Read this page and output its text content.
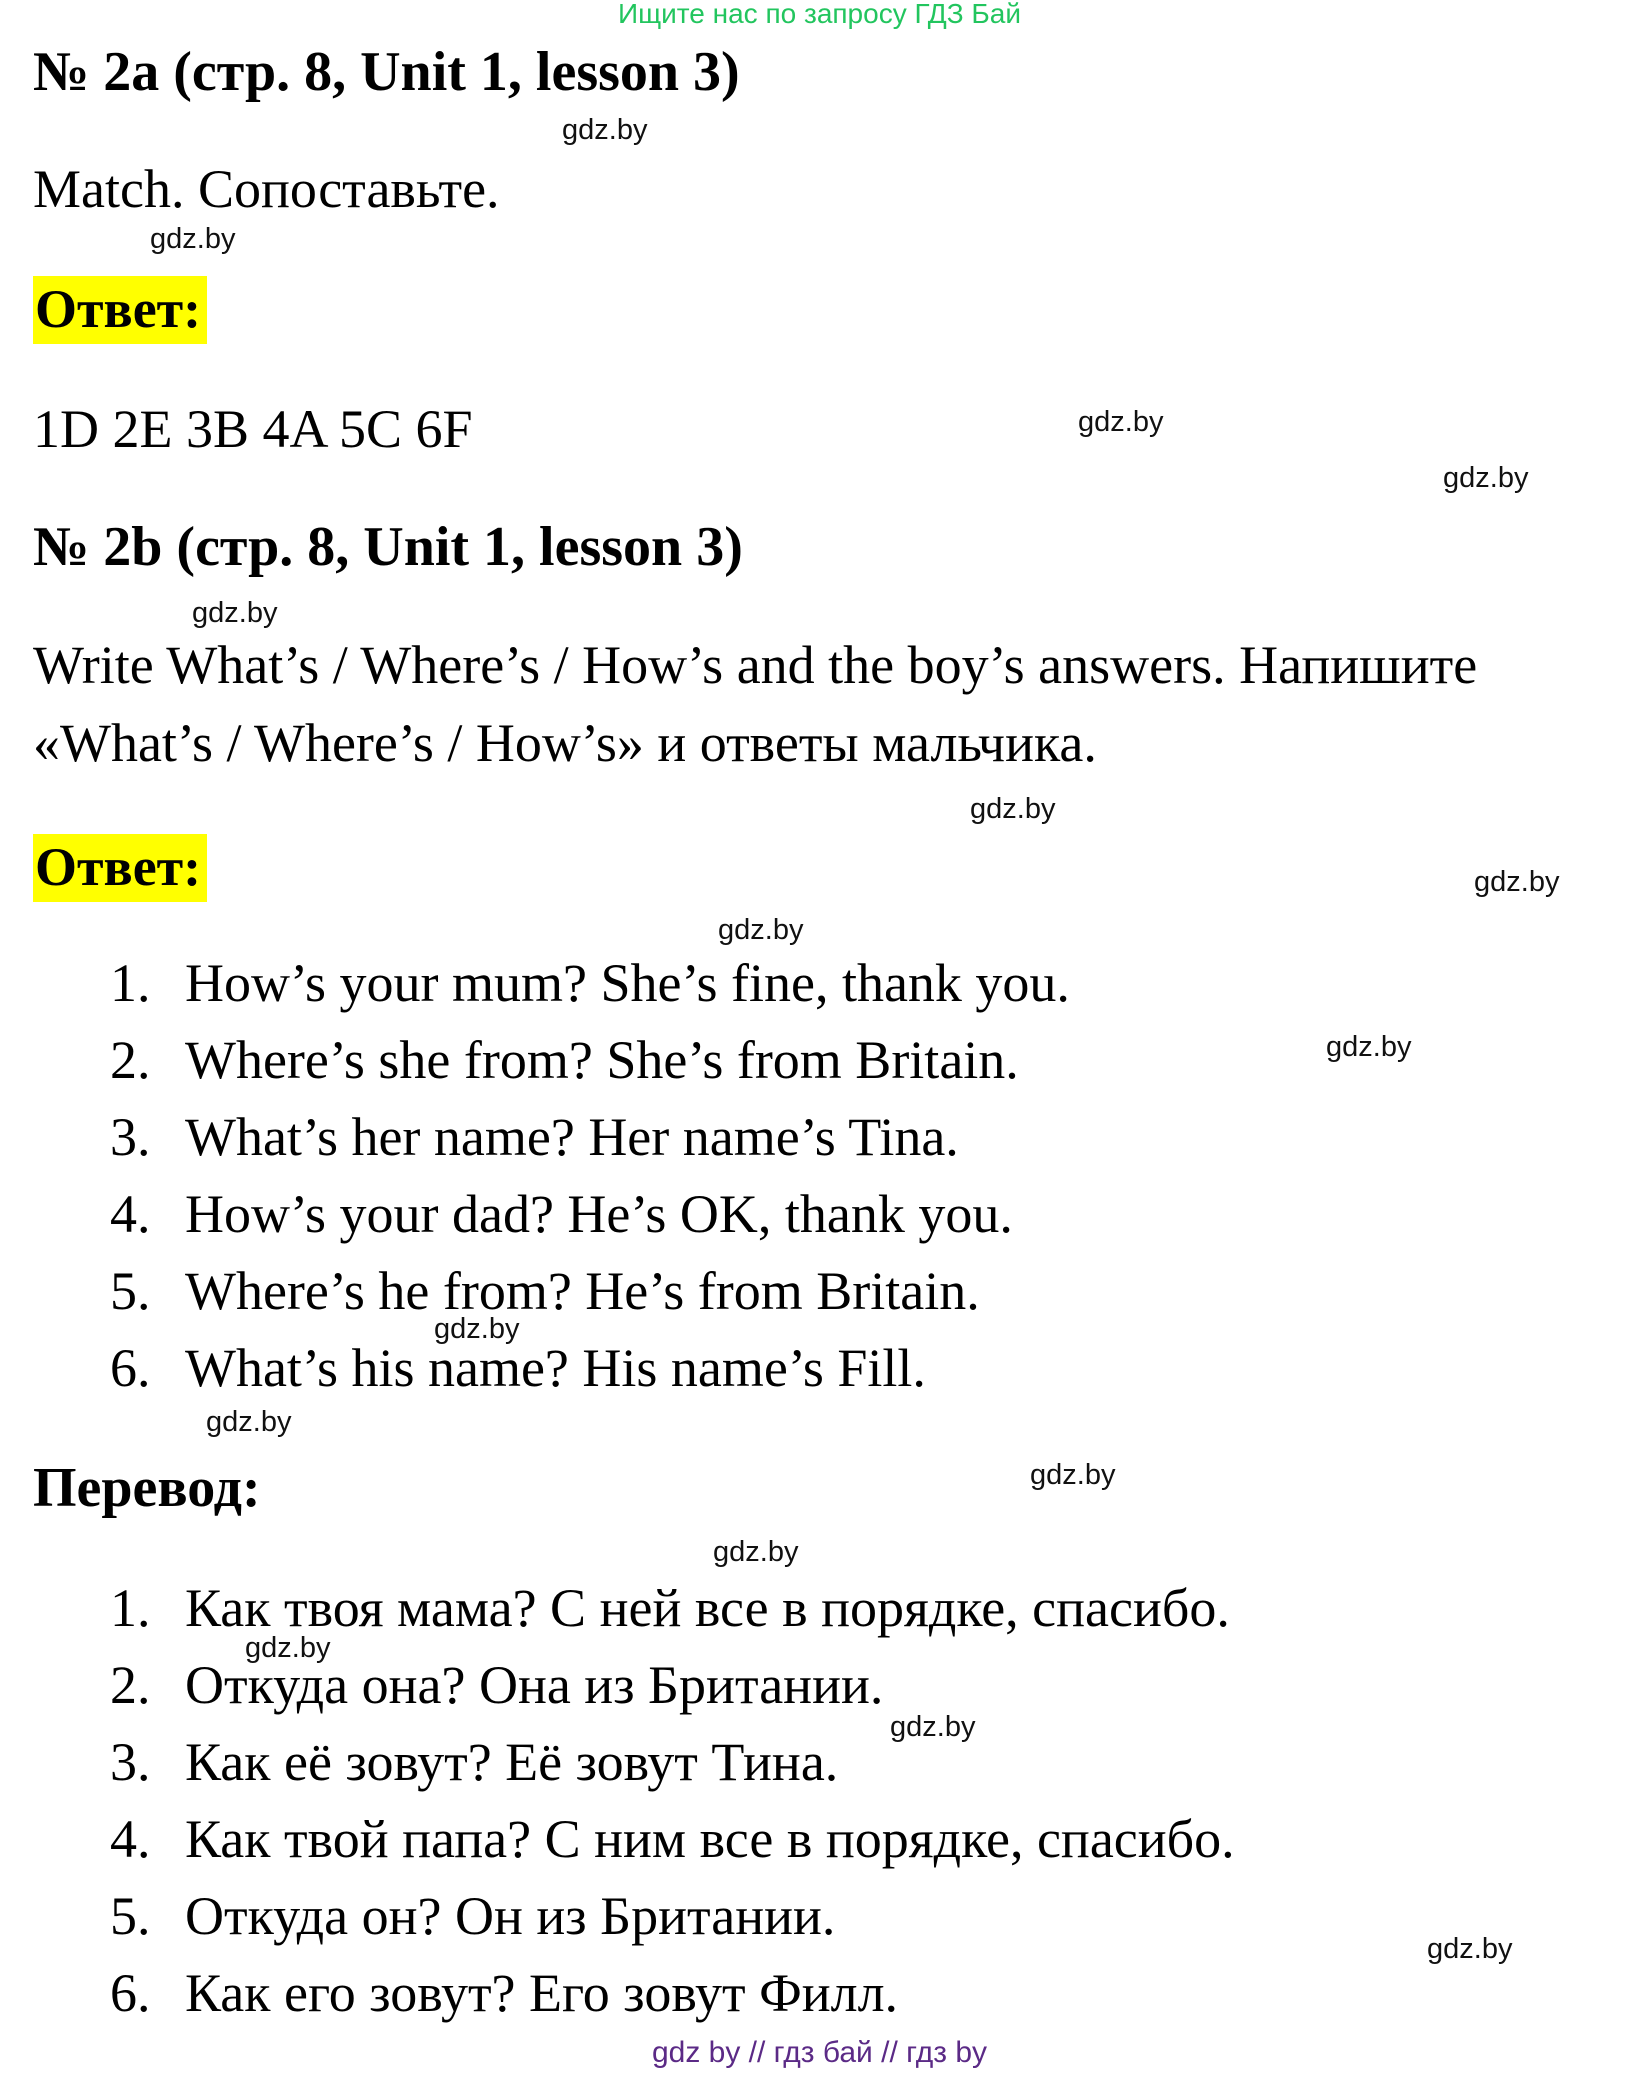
Ищите нас по запросу ГДЗ Бай
№ 2a (стр. 8, Unit 1, lesson 3)
Match. Сопоставьте.
Ответ:
1D 2E 3B 4A 5C 6F
№ 2b (стр. 8, Unit 1, lesson 3)
Write What’s / Where’s / How’s and the boy’s answers. Напишите
«What’s / Where’s / How’s» и ответы мальчика.
Ответ:
1. How’s your mum? She’s fine, thank you.
2. Where’s she from? She’s from Britain.
3. What’s her name? Her name’s Tina.
4. How’s your dad? He’s OK, thank you.
5. Where’s he from? He’s from Britain.
6. What’s his name? His name’s Fill.
Перевод:
1. Как твоя мама? С ней все в порядке, спасибо.
2. Откуда она? Она из Британии.
3. Как её зовут? Её зовут Тина.
4. Как твой папа? С ним все в порядке, спасибо.
5. Откуда он? Он из Британии.
6. Как его зовут? Его зовут Филл.
gdz.by
gdz.by
gdz.by
gdz.by
gdz.by
gdz.by
gdz.by
gdz.by
gdz.by
gdz.by
gdz.by
gdz.by
gdz.by
gdz.by
gdz.by
gdz.by
gdz by // гдз бай // гдз by
